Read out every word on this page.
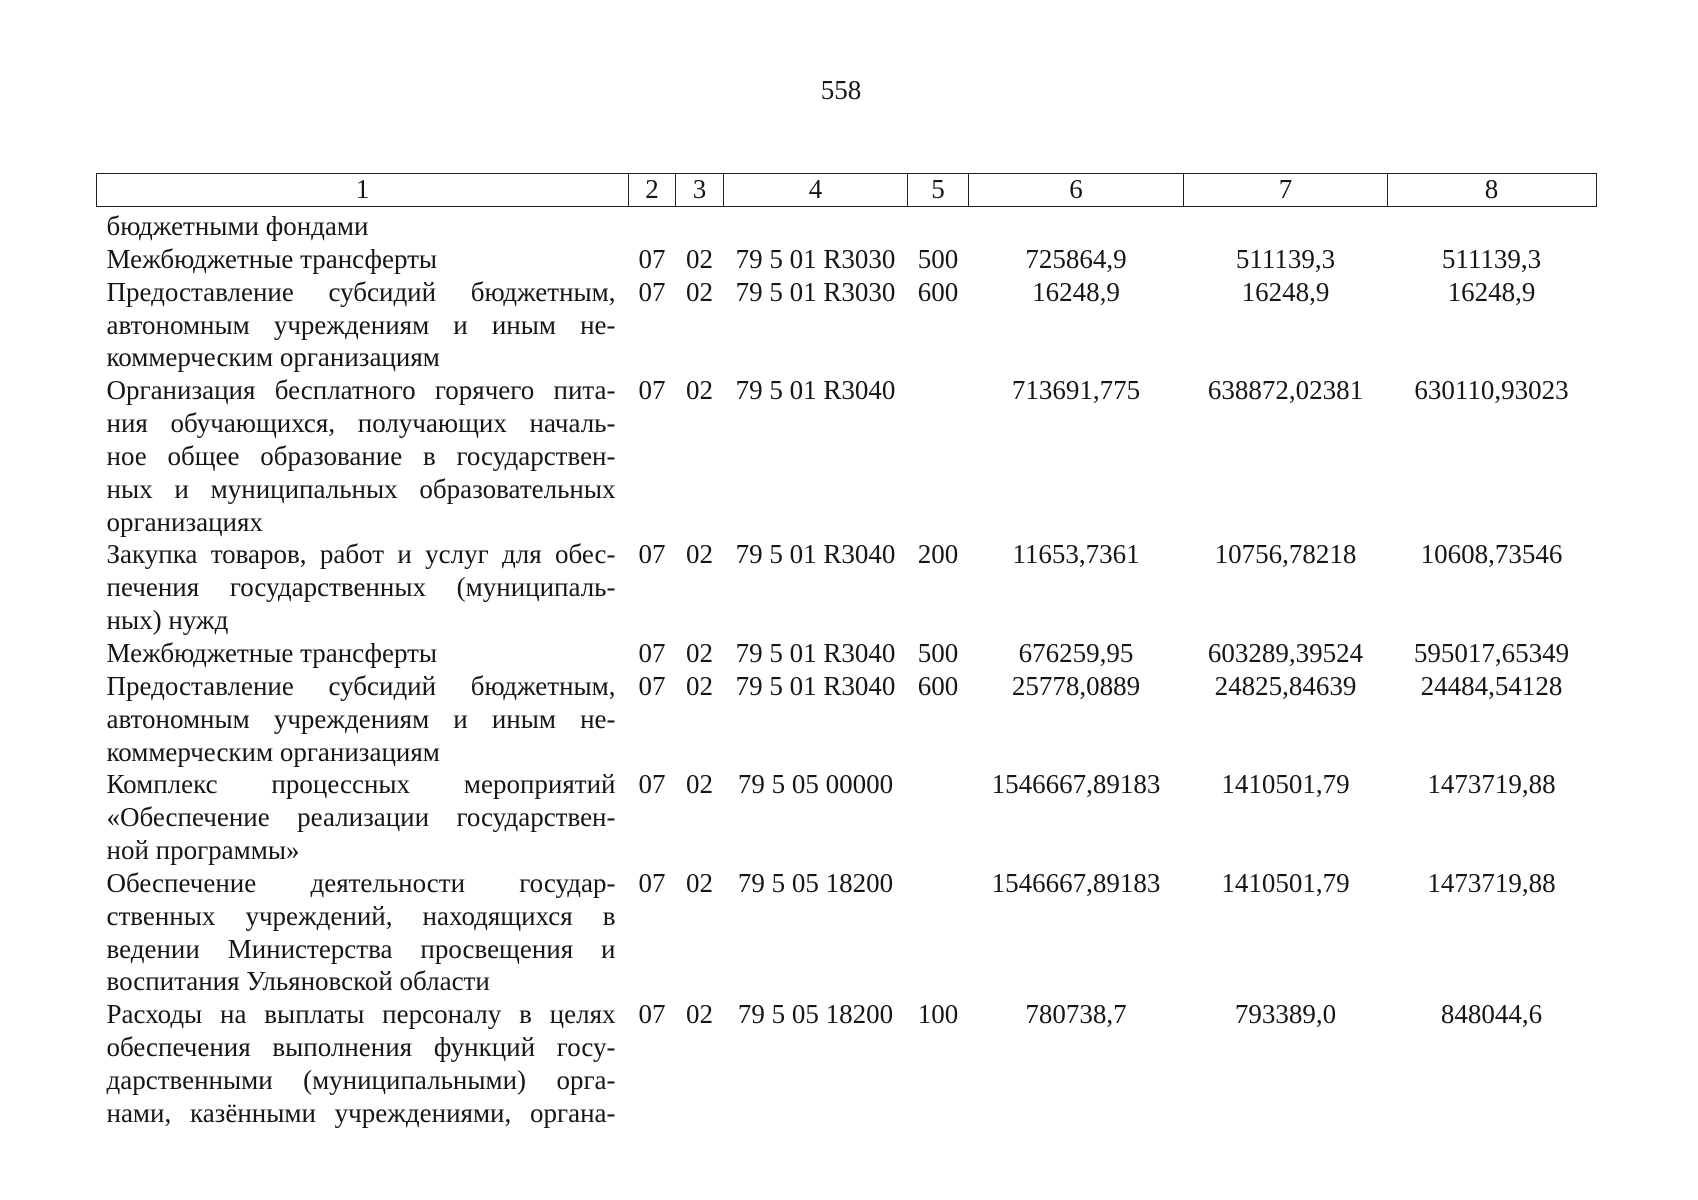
558
1	2	3	4	5	6	7	8
бюджетными фондами
Межбюджетные трансферты	07 02 79 5 01 R3030 500	725864,9	511139,3	511139,3
Предоставление субсидий бюджетным,
автономным учреждениям и иным не-
коммерческим организациям
07 02 79 5 01 R3030 600	16248,9	16248,9	16248,9
Организация бесплатного горячего пита-
ния обучающихся, получающих началь-
ное общее образование в государствен-
ных и муниципальных образовательных
организациях
07 02 79 5 01 R3040	713691,775	638872,02381	630110,93023
Закупка товаров, работ и услуг для обес-
печения государственных (муниципаль-
ных) нужд
07 02 79 5 01 R3040 200	11653,7361	10756,78218	10608,73546
Межбюджетные трансферты	07 02 79 5 01 R3040 500	676259,95	603289,39524	595017,65349
Предоставление субсидий бюджетным,
автономным учреждениям и иным не-
коммерческим организациям
07 02 79 5 01 R3040 600	25778,0889	24825,84639	24484,54128
Комплекс процессных мероприятий
«Обеспечение реализации государствен-
ной программы»
07 02 79 5 05 00000	1546667,89183	1410501,79	1473719,88
Обеспечение деятельности государ-
ственных учреждений, находящихся в
ведении Министерства просвещения и
воспитания Ульяновской области
07 02 79 5 05 18200	1546667,89183	1410501,79	1473719,88
Расходы на выплаты персоналу в целях
обеспечения выполнения функций госу-
дарственными (муниципальными) орга-
нами, казёнными учреждениями, органа-
07 02 79 5 05 18200 100	780738,7	793389,0	848044,6
